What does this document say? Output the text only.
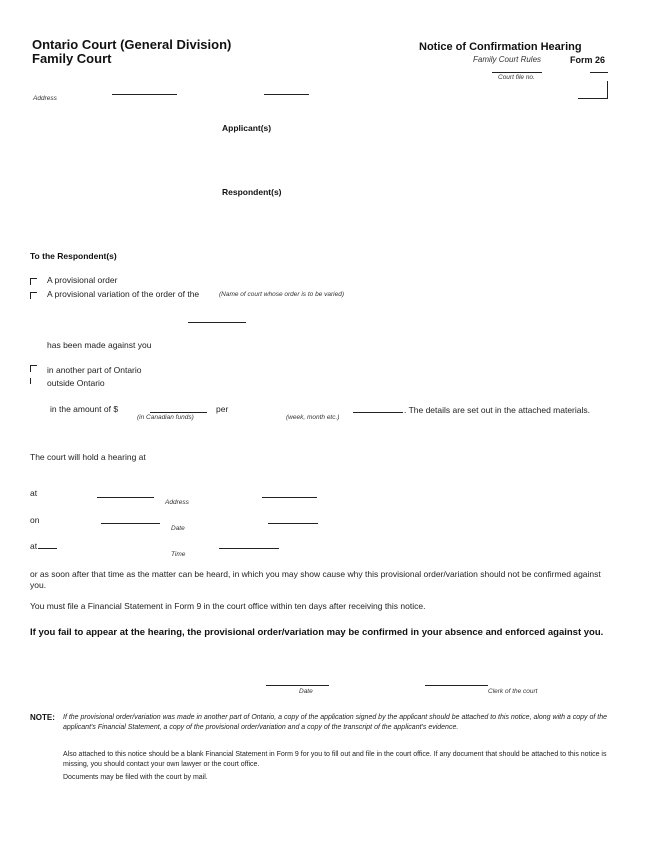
Ontario Court (General Division)
Family Court
Notice of Confirmation Hearing
Family Court Rules	Form 26
Court file no.
Address
Applicant(s)
Respondent(s)
To the Respondent(s)
A provisional order
A provisional variation of the order of the	(Name of court whose order is to be varied)
has been made against you
in another part of Ontario
outside Ontario
in the amount of $
(in Canadian funds)
per
(week, month etc.)
. The details are set out in the attached materials.
The court will hold a hearing at
at
Address
on
Date
at
Time
or as soon after that time as the matter can be heard, in which you may show cause why this provisional order/variation should not be confirmed against you.
You must file a Financial Statement in Form 9 in the court office within ten days after receiving this notice.
If you fail to appear at the hearing, the provisional order/variation may be confirmed in your absence and enforced against you.
Date	Clerk of the court
NOTE: If the provisional order/variation was made in another part of Ontario, a copy of the application signed by the applicant should be attached to this notice, along with a copy of the applicant's Financial Statement, a copy of the provisional order/variation and a copy of the transcript of the applicant's evidence.
Also attached to this notice should be a blank Financial Statement in Form 9 for you to fill out and file in the court office. If any document that should be attached to this notice is missing, you should contact your own lawyer or the court office.
Documents may be filed with the court by mail.
